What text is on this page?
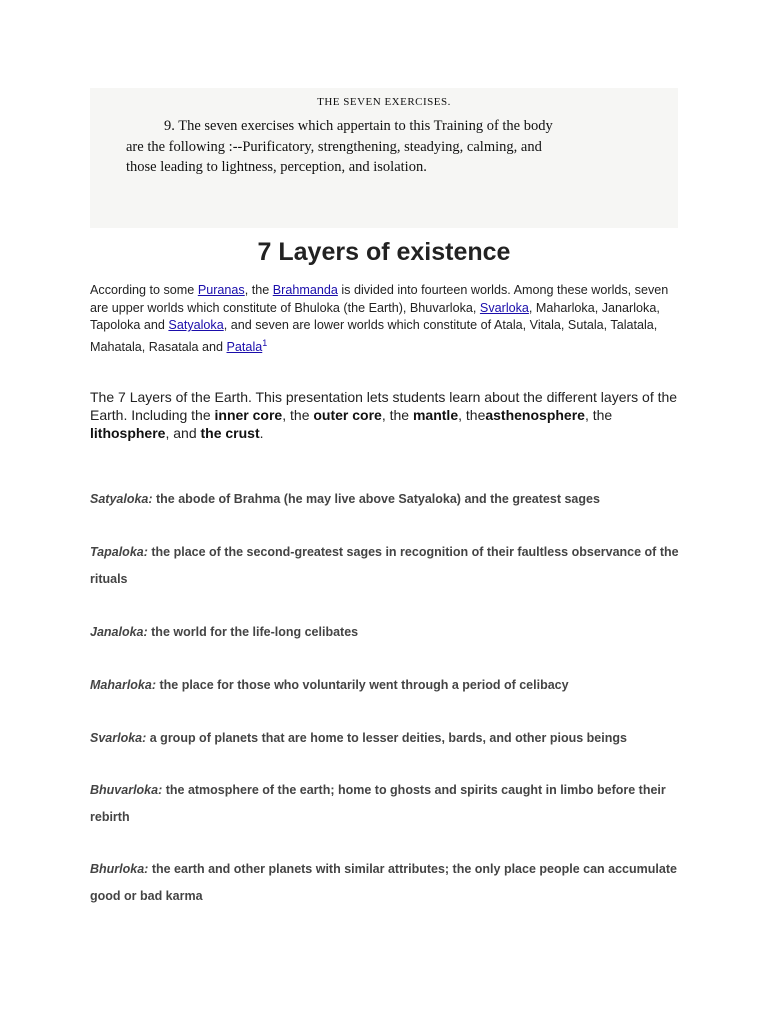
THE SEVEN EXERCISES.
9. The seven exercises which appertain to this Training of the body
are the following :--Purificatory, strengthening, steadying, calming, and
those leading to lightness, perception, and isolation.
7 Layers of existence

According to some Puranas, the Brahmanda is divided into fourteen worlds. Among these worlds, seven are upper worlds which constitute of Bhuloka (the Earth), Bhuvarloka, Svarloka, Maharloka, Janarloka, Tapoloka and Satyaloka, and seven are lower worlds which constitute of Atala, Vitala, Sutala, Talatala, Mahatala, Rasatala and Patala$^1$

The 7 Layers of the Earth. This presentation lets students learn about the different layers of the Earth. Including the inner core, the outer core, the mantle, theasthenosphere, the lithosphere, and the crust.

Satyaloka: the abode of Brahma (he may live above Satyaloka) and the greatest sages
Tapaloka: the place of the second-greatest sages in recognition of their faultless observance of the rituals
Janaloka: the world for the life-long celibates
Maharloka: the place for those who voluntarily went through a period of celibacy
Svarloka: a group of planets that are home to lesser deities, bards, and other pious beings
Bhuvarloka: the atmosphere of the earth; home to ghosts and spirits caught in limbo before their rebirth
Bhurloka: the earth and other planets with similar attributes; the only place people can accumulate good or bad karma
